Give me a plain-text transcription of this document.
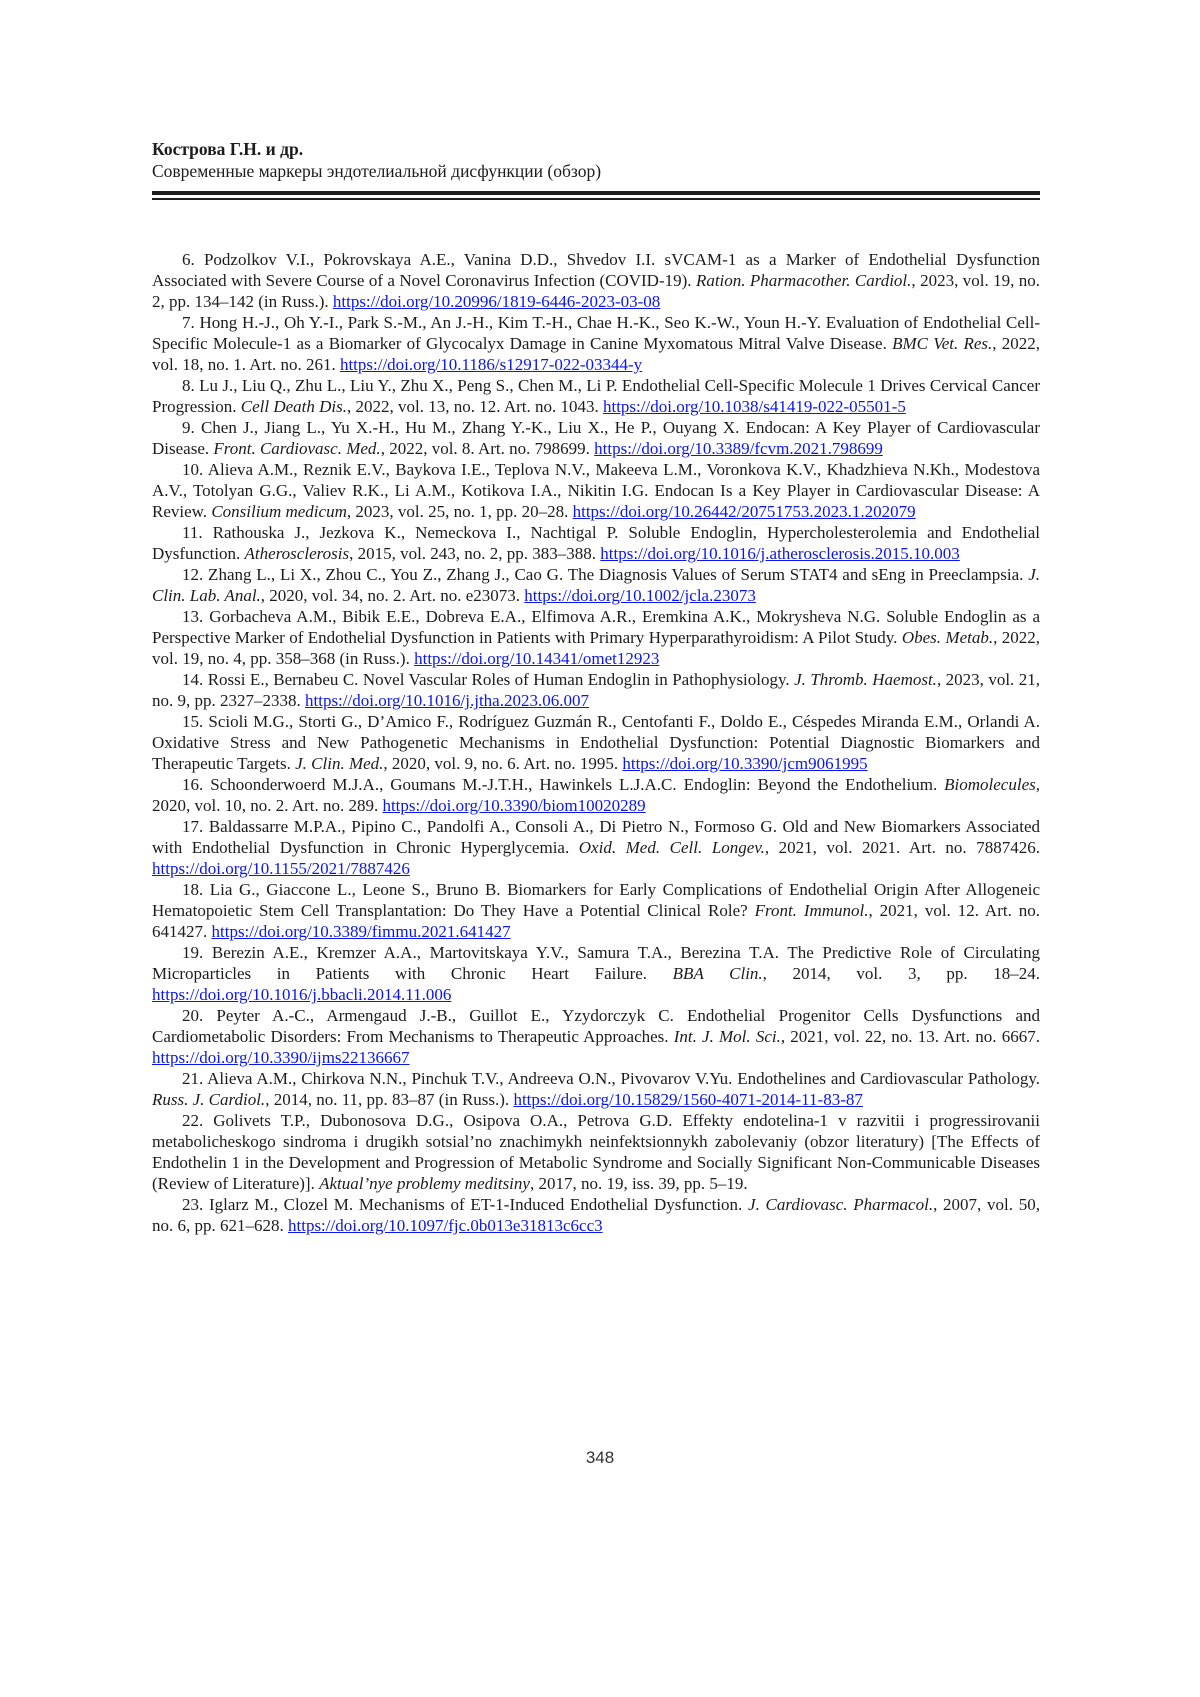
Кострова Г.Н. и др.
Современные маркеры эндотелиальной дисфункции (обзор)

6. Podzolkov V.I., Pokrovskaya A.E., Vanina D.D., Shvedov I.I. sVCAM-1 as a Marker of Endothelial Dysfunction Associated with Severe Course of a Novel Coronavirus Infection (COVID-19). Ration. Pharmacother. Cardiol., 2023, vol. 19, no. 2, pp. 134–142 (in Russ.). https://doi.org/10.20996/1819-6446-2023-03-08

7. Hong H.-J., Oh Y.-I., Park S.-M., An J.-H., Kim T.-H., Chae H.-K., Seo K.-W., Youn H.-Y. Evaluation of Endothelial Cell-Specific Molecule-1 as a Biomarker of Glycocalyx Damage in Canine Myxomatous Mitral Valve Disease. BMC Vet. Res., 2022, vol. 18, no. 1. Art. no. 261. https://doi.org/10.1186/s12917-022-03344-y

8. Lu J., Liu Q., Zhu L., Liu Y., Zhu X., Peng S., Chen M., Li P. Endothelial Cell-Specific Molecule 1 Drives Cervical Cancer Progression. Cell Death Dis., 2022, vol. 13, no. 12. Art. no. 1043. https://doi.org/10.1038/s41419-022-05501-5

9. Chen J., Jiang L., Yu X.-H., Hu M., Zhang Y.-K., Liu X., He P., Ouyang X. Endocan: A Key Player of Cardiovascular Disease. Front. Cardiovasc. Med., 2022, vol. 8. Art. no. 798699. https://doi.org/10.3389/fcvm.2021.798699

10. Alieva A.M., Reznik E.V., Baykova I.E., Teplova N.V., Makeeva L.M., Voronkova K.V., Khadzhieva N.Kh., Modestova A.V., Totolyan G.G., Valiev R.K., Li A.M., Kotikova I.A., Nikitin I.G. Endocan Is a Key Player in Cardiovascular Disease: A Review. Consilium medicum, 2023, vol. 25, no. 1, pp. 20–28. https://doi.org/10.26442/20751753.2023.1.202079

11. Rathouska J., Jezkova K., Nemeckova I., Nachtigal P. Soluble Endoglin, Hypercholesterolemia and Endothelial Dysfunction. Atherosclerosis, 2015, vol. 243, no. 2, pp. 383–388. https://doi.org/10.1016/j.atherosclerosis.2015.10.003

12. Zhang L., Li X., Zhou C., You Z., Zhang J., Cao G. The Diagnosis Values of Serum STAT4 and sEng in Preeclampsia. J. Clin. Lab. Anal., 2020, vol. 34, no. 2. Art. no. e23073. https://doi.org/10.1002/jcla.23073

13. Gorbacheva A.M., Bibik E.E., Dobreva E.A., Elfimova A.R., Eremkina A.K., Mokrysheva N.G. Soluble Endoglin as a Perspective Marker of Endothelial Dysfunction in Patients with Primary Hyperparathyroidism: A Pilot Study. Obes. Metab., 2022, vol. 19, no. 4, pp. 358–368 (in Russ.). https://doi.org/10.14341/omet12923

14. Rossi E., Bernabeu C. Novel Vascular Roles of Human Endoglin in Pathophysiology. J. Thromb. Haemost., 2023, vol. 21, no. 9, pp. 2327–2338. https://doi.org/10.1016/j.jtha.2023.06.007

15. Scioli M.G., Storti G., D’Amico F., Rodríguez Guzmán R., Centofanti F., Doldo E., Céspedes Miranda E.M., Orlandi A. Oxidative Stress and New Pathogenetic Mechanisms in Endothelial Dysfunction: Potential Diagnostic Biomarkers and Therapeutic Targets. J. Clin. Med., 2020, vol. 9, no. 6. Art. no. 1995. https://doi.org/10.3390/jcm9061995

16. Schoonderwoerd M.J.A., Goumans M.-J.T.H., Hawinkels L.J.A.C. Endoglin: Beyond the Endothelium. Biomolecules, 2020, vol. 10, no. 2. Art. no. 289. https://doi.org/10.3390/biom10020289

17. Baldassarre M.P.A., Pipino C., Pandolfi A., Consoli A., Di Pietro N., Formoso G. Old and New Biomarkers Associated with Endothelial Dysfunction in Chronic Hyperglycemia. Oxid. Med. Cell. Longev., 2021, vol. 2021. Art. no. 7887426. https://doi.org/10.1155/2021/7887426

18. Lia G., Giaccone L., Leone S., Bruno B. Biomarkers for Early Complications of Endothelial Origin After Allogeneic Hematopoietic Stem Cell Transplantation: Do They Have a Potential Clinical Role? Front. Immunol., 2021, vol. 12. Art. no. 641427. https://doi.org/10.3389/fimmu.2021.641427

19. Berezin A.E., Kremzer A.A., Martovitskaya Y.V., Samura T.A., Berezina T.A. The Predictive Role of Circulating Microparticles in Patients with Chronic Heart Failure. BBA Clin., 2014, vol. 3, pp. 18–24. https://doi.org/10.1016/j.bbacli.2014.11.006

20. Peyter A.-C., Armengaud J.-B., Guillot E., Yzydorczyk C. Endothelial Progenitor Cells Dysfunctions and Cardiometabolic Disorders: From Mechanisms to Therapeutic Approaches. Int. J. Mol. Sci., 2021, vol. 22, no. 13. Art. no. 6667. https://doi.org/10.3390/ijms22136667

21. Alieva A.M., Chirkova N.N., Pinchuk T.V., Andreeva O.N., Pivovarov V.Yu. Endothelines and Cardiovascular Pathology. Russ. J. Cardiol., 2014, no. 11, pp. 83–87 (in Russ.). https://doi.org/10.15829/1560-4071-2014-11-83-87

22. Golivets T.P., Dubonosova D.G., Osipova O.A., Petrova G.D. Effekty endotelina-1 v razvitii i progressirovanii metabolicheskogo sindroma i drugikh sotsial’no znachimykh neinfektsionnykh zabolevaniy (obzor literatury) [The Effects of Endothelin 1 in the Development and Progression of Metabolic Syndrome and Socially Significant Non-Communicable Diseases (Review of Literature)]. Aktual’nye problemy meditsiny, 2017, no. 19, iss. 39, pp. 5–19.

23. Iglarz M., Clozel M. Mechanisms of ET-1-Induced Endothelial Dysfunction. J. Cardiovasc. Pharmacol., 2007, vol. 50, no. 6, pp. 621–628. https://doi.org/10.1097/fjc.0b013e31813c6cc3

348
